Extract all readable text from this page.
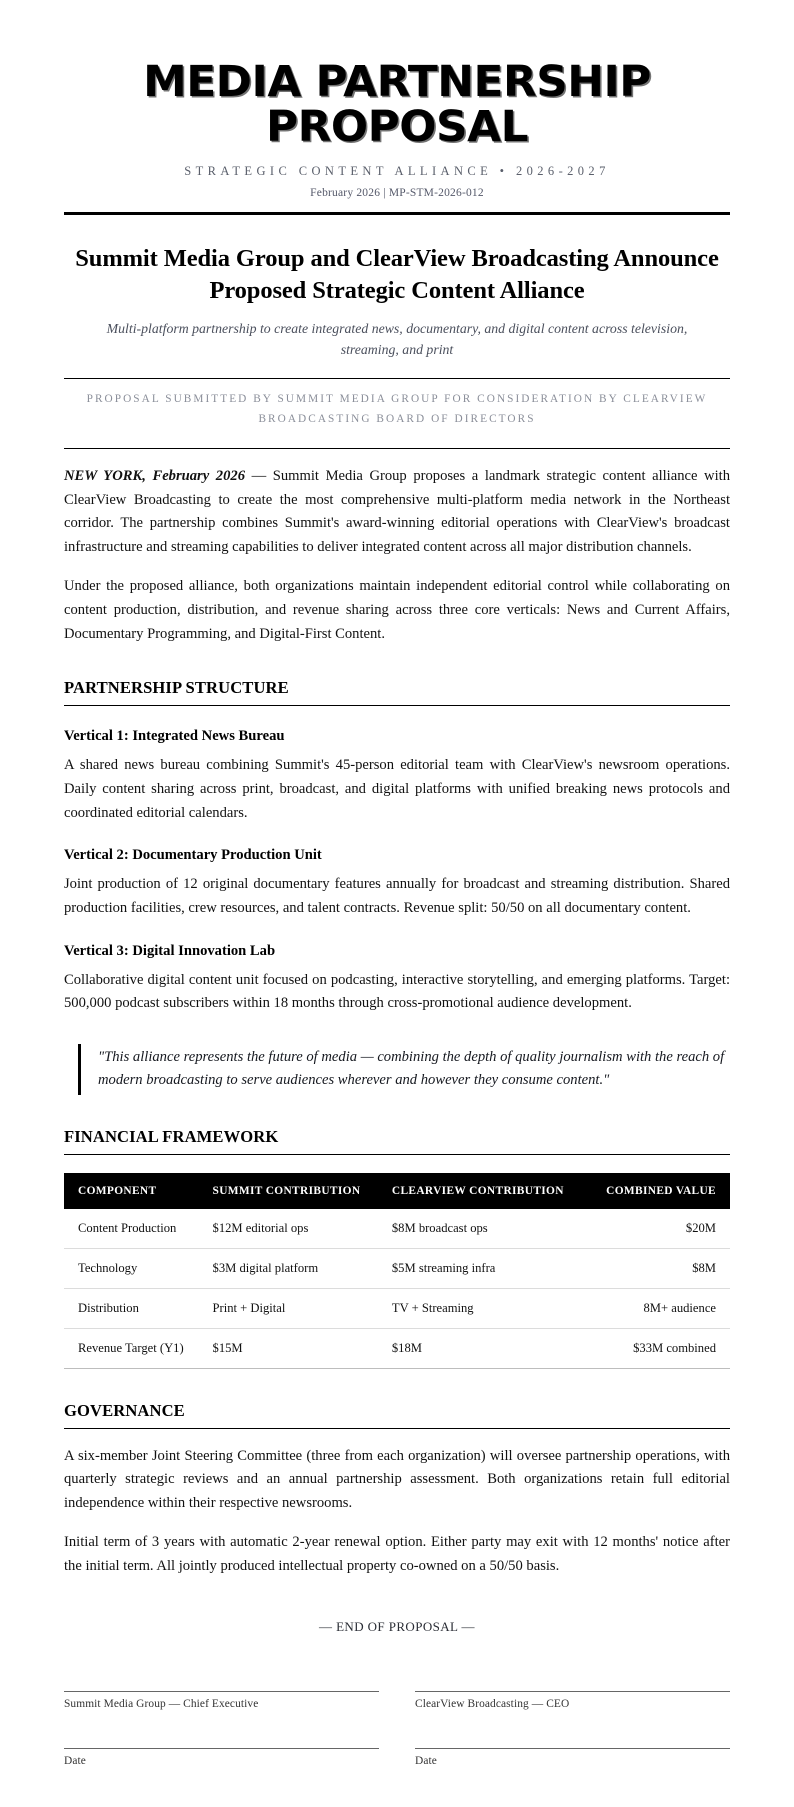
MEDIA PARTNERSHIP PROPOSAL
STRATEGIC CONTENT ALLIANCE • 2026-2027
February 2026 | MP-STM-2026-012
Summit Media Group and ClearView Broadcasting Announce Proposed Strategic Content Alliance

Multi-platform partnership to create integrated news, documentary, and digital content across television, streaming, and print

PROPOSAL SUBMITTED BY SUMMIT MEDIA GROUP FOR CONSIDERATION BY CLEARVIEW BROADCASTING BOARD OF DIRECTORS

NEW YORK, February 2026 — Summit Media Group proposes a landmark strategic content alliance with ClearView Broadcasting to create the most comprehensive multi-platform media network in the Northeast corridor. The partnership combines Summit's award-winning editorial operations with ClearView's broadcast infrastructure and streaming capabilities to deliver integrated content across all major distribution channels.

Under the proposed alliance, both organizations maintain independent editorial control while collaborating on content production, distribution, and revenue sharing across three core verticals: News and Current Affairs, Documentary Programming, and Digital-First Content.

PARTNERSHIP STRUCTURE
Vertical 1: Integrated News Bureau

A shared news bureau combining Summit's 45-person editorial team with ClearView's newsroom operations. Daily content sharing across print, broadcast, and digital platforms with unified breaking news protocols and coordinated editorial calendars.

Vertical 2: Documentary Production Unit

Joint production of 12 original documentary features annually for broadcast and streaming distribution. Shared production facilities, crew resources, and talent contracts. Revenue split: 50/50 on all documentary content.

Vertical 3: Digital Innovation Lab

Collaborative digital content unit focused on podcasting, interactive storytelling, and emerging platforms. Target: 500,000 podcast subscribers within 18 months through cross-promotional audience development.

"This alliance represents the future of media — combining the depth of quality journalism with the reach of modern broadcasting to serve audiences wherever and however they consume content."
FINANCIAL FRAMEWORK
COMPONENT	SUMMIT CONTRIBUTION	CLEARVIEW CONTRIBUTION	COMBINED VALUE
Content Production	$12M editorial ops	$8M broadcast ops	$20M
Technology	$3M digital platform	$5M streaming infra	$8M
Distribution	Print + Digital	TV + Streaming	8M+ audience
Revenue Target (Y1)	$15M	$18M	$33M combined
GOVERNANCE

A six-member Joint Steering Committee (three from each organization) will oversee partnership operations, with quarterly strategic reviews and an annual partnership assessment. Both organizations retain full editorial independence within their respective newsrooms.

Initial term of 3 years with automatic 2-year renewal option. Either party may exit with 12 months' notice after the initial term. All jointly produced intellectual property co-owned on a 50/50 basis.

— END OF PROPOSAL —
Summit Media Group — Chief Executive
Date
ClearView Broadcasting — CEO
Date
